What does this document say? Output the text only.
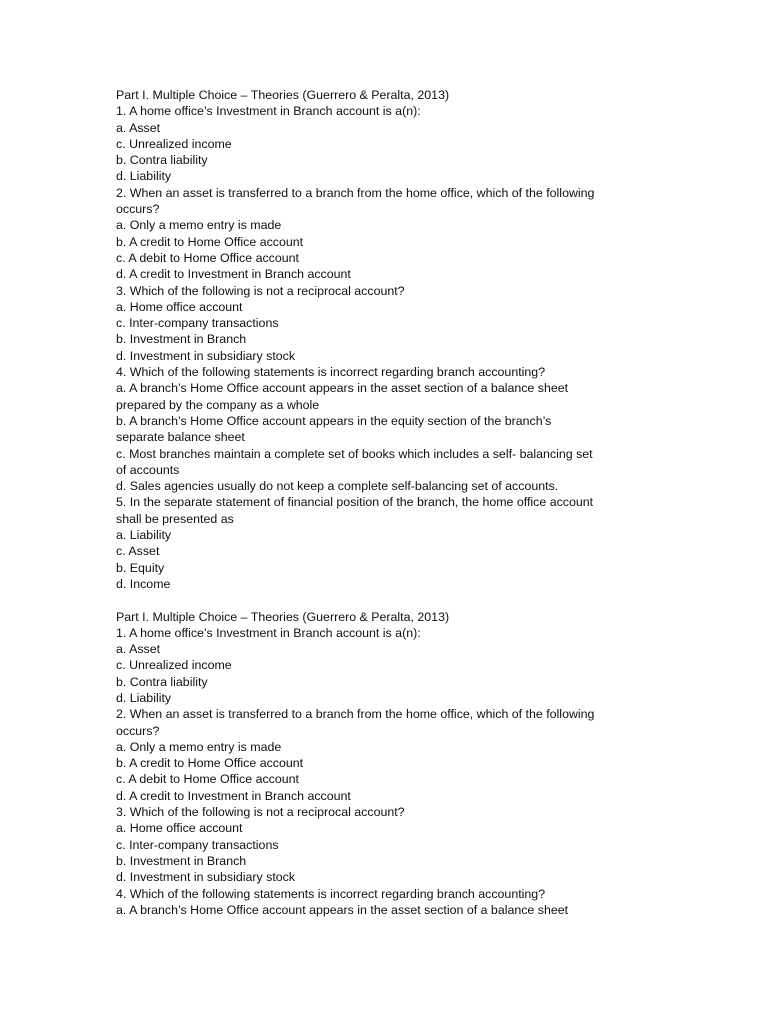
Part I. Multiple Choice – Theories (Guerrero & Peralta, 2013)
1. A home office’s Investment in Branch account is a(n):
a. Asset
c. Unrealized income
b. Contra liability
d. Liability
2. When an asset is transferred to a branch from the home office, which of the following
occurs?
a. Only a memo entry is made
b. A credit to Home Office account
c. A debit to Home Office account
d. A credit to Investment in Branch account
3. Which of the following is not a reciprocal account?
a. Home office account
c. Inter-company transactions
b. Investment in Branch
d. Investment in subsidiary stock
4. Which of the following statements is incorrect regarding branch accounting?
a. A branch’s Home Office account appears in the asset section of a balance sheet
prepared by the company as a whole
b. A branch’s Home Office account appears in the equity section of the branch’s
separate balance sheet
c. Most branches maintain a complete set of books which includes a self- balancing set
of accounts
d. Sales agencies usually do not keep a complete self-balancing set of accounts.
5. In the separate statement of financial position of the branch, the home office account
shall be presented as
a. Liability
c. Asset
b. Equity
d. Income
Part I. Multiple Choice – Theories (Guerrero & Peralta, 2013)
1. A home office’s Investment in Branch account is a(n):
a. Asset
c. Unrealized income
b. Contra liability
d. Liability
2. When an asset is transferred to a branch from the home office, which of the following
occurs?
a. Only a memo entry is made
b. A credit to Home Office account
c. A debit to Home Office account
d. A credit to Investment in Branch account
3. Which of the following is not a reciprocal account?
a. Home office account
c. Inter-company transactions
b. Investment in Branch
d. Investment in subsidiary stock
4. Which of the following statements is incorrect regarding branch accounting?
a. A branch’s Home Office account appears in the asset section of a balance sheet
